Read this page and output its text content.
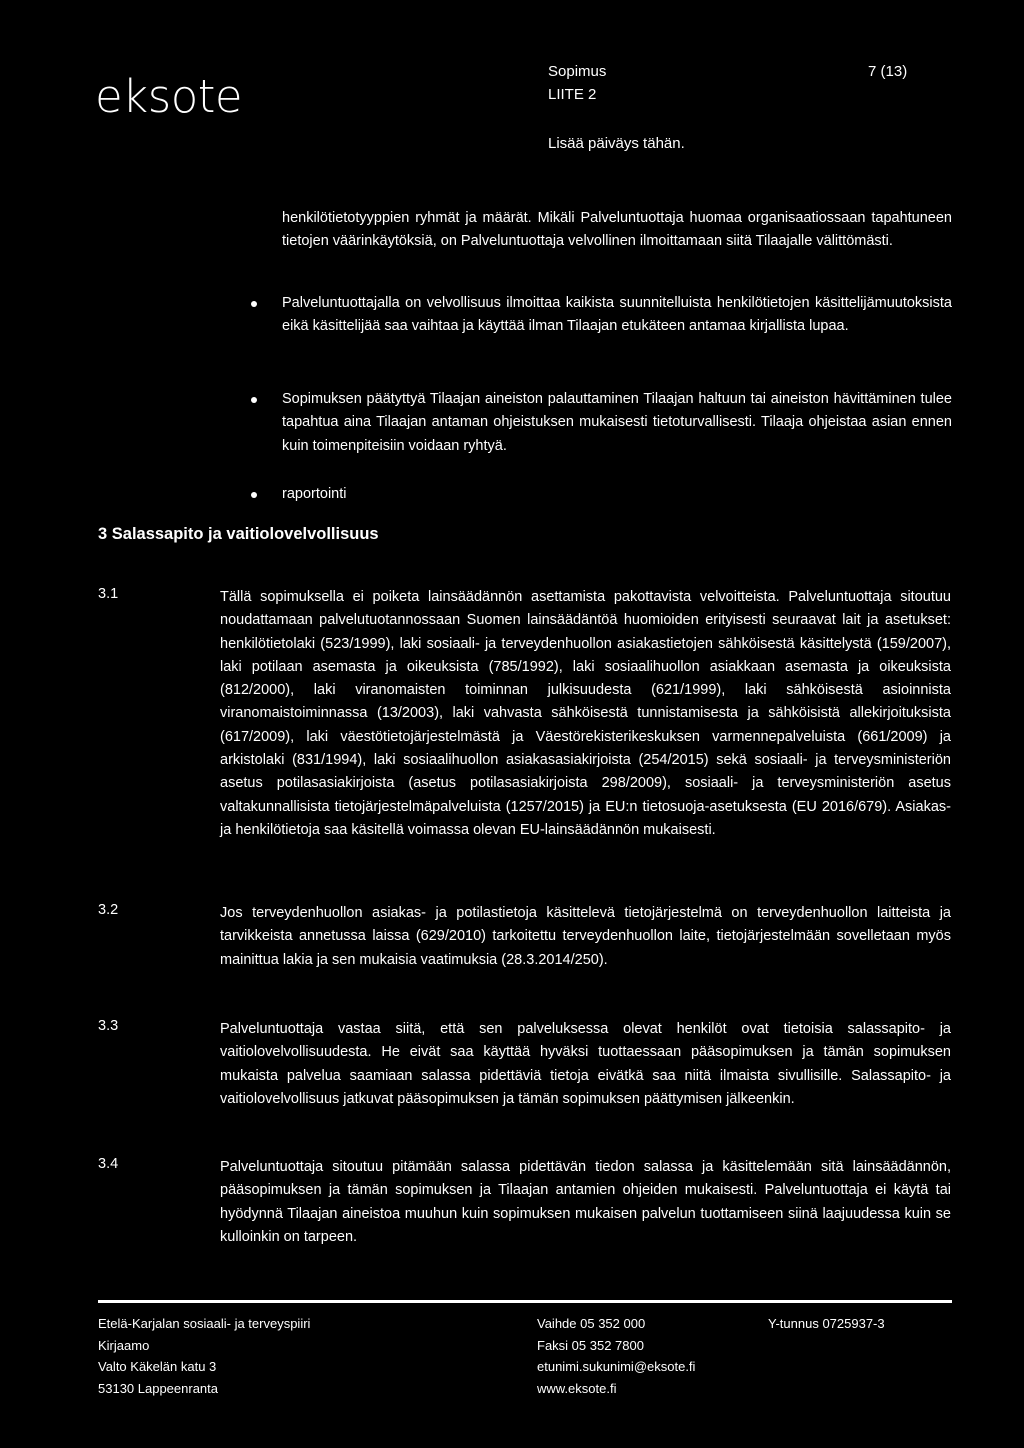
eksote	Sopimus
LIITE 2
7 (13)
Lisää päiväys tähän.

henkilötietotyyppien ryhmät ja määrät. Mikäli Palveluntuottaja huomaa organisaatiossaan tapahtuneen tietojen väärinkäytöksiä, on Palveluntuottaja velvollinen ilmoittamaan siitä Tilaajalle välittömästi.

Palveluntuottajalla on velvollisuus ilmoittaa kaikista suunnitelluista henkilötietojen käsittelijämuutoksista eikä käsittelijää saa vaihtaa ja käyttää ilman Tilaajan etukäteen antamaa kirjallista lupaa.

Sopimuksen päätyttyä Tilaajan aineiston palauttaminen Tilaajan haltuun tai aineiston hävittäminen tulee tapahtua aina Tilaajan antaman ohjeistuksen mukaisesti tietoturvallisesti. Tilaaja ohjeistaa asian ennen kuin toimenpiteisiin voidaan ryhtyä.

raportointi

3 Salassapito ja vaitiolovelvollisuus
3.1	Tällä sopimuksella ei poiketa lainsäädännön asettamista pakottavista velvoitteista. Palveluntuottaja sitoutuu noudattamaan palvelutuotannossaan Suomen lainsäädäntöä huomioiden erityisesti seuraavat lait ja asetukset: henkilötietolaki (523/1999), laki sosiaali- ja terveydenhuollon asiakastietojen sähköisestä käsittelystä (159/2007), laki potilaan asemasta ja oikeuksista (785/1992), laki sosiaalihuollon asiakkaan asemasta ja oikeuksista (812/2000), laki viranomaisten toiminnan julkisuudesta (621/1999), laki sähköisestä asioinnista viranomaistoiminnassa (13/2003), laki vahvasta sähköisestä tunnistamisesta ja sähköisistä allekirjoituksista (617/2009), laki väestötietojärjestelmästä ja Väestörekisterikeskuksen varmennepalveluista (661/2009) ja arkistolaki (831/1994), laki sosiaalihuollon asiakasasiakirjoista (254/2015) sekä sosiaali- ja terveysministeriön asetus potilasasiakirjoista (asetus potilasasiakirjoista 298/2009), sosiaali- ja terveysministeriön asetus valtakunnallisista tietojärjestelmäpalveluista (1257/2015) ja EU:n tietosuoja-asetuksesta (EU 2016/679). Asiakas- ja henkilötietoja saa käsitellä voimassa olevan EU-lainsäädännön mukaisesti.

3.2	Jos terveydenhuollon asiakas- ja potilastietoja käsittelevä tietojärjestelmä on terveydenhuollon laitteista ja tarvikkeista annetussa laissa (629/2010) tarkoitettu terveydenhuollon laite, tietojärjestelmään sovelletaan myös mainittua lakia ja sen mukaisia vaatimuksia (28.3.2014/250).

3.3	Palveluntuottaja vastaa siitä, että sen palveluksessa olevat henkilöt ovat tietoisia salassapito- ja vaitiolovelvollisuudesta. He eivät saa käyttää hyväksi tuottaessaan pääsopimuksen ja tämän sopimuksen mukaista palvelua saamiaan salassa pidettäviä tietoja eivätkä saa niitä ilmaista sivullisille. Salassapito- ja vaitiolovelvollisuus jatkuvat pääsopimuksen ja tämän sopimuksen päättymisen jälkeenkin.

3.4	Palveluntuottaja sitoutuu pitämään salassa pidettävän tiedon salassa ja käsittelemään sitä lainsäädännön, pääsopimuksen ja tämän sopimuksen ja Tilaajan antamien ohjeiden mukaisesti. Palveluntuottaja ei käytä tai hyödynnä Tilaajan aineistoa muuhun kuin sopimuksen mukaisen palvelun tuottamiseen siinä laajuudessa kuin se kulloinkin on tarpeen.

Etelä-Karjalan sosiaali- ja terveyspiiri
Kirjaamo
Valto Käkelän katu 3
53130 Lappeenranta
Vaihde 05 352 000
Faksi 05 352 7800
etunimi.sukunimi@eksote.fi
www.eksote.fi
Y-tunnus 0725937-3
